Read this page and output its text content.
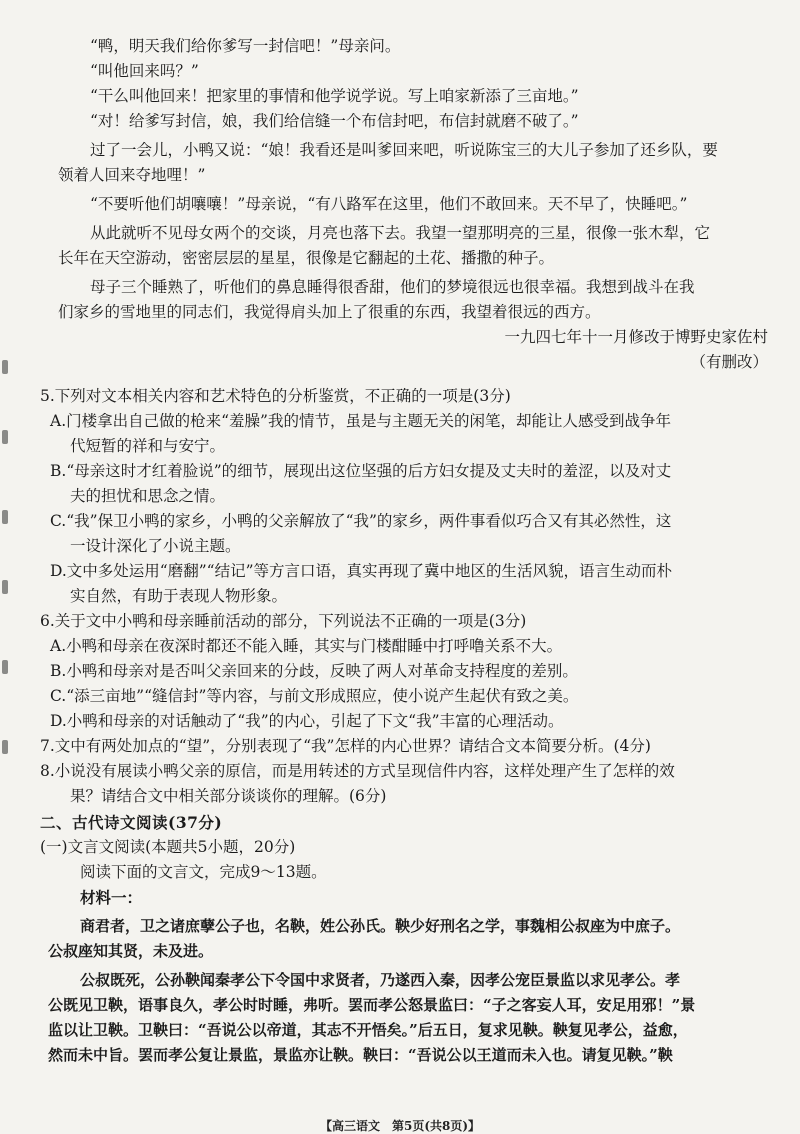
“鸭，明天我们给你爹写一封信吧！”母亲问。

“叫他回来吗？”

“干么叫他回来！把家里的事情和他学说学说。写上咱家新添了三亩地。”

“对！给爹写封信，娘，我们给信缝一个布信封吧，布信封就磨不破了。”

过了一会儿，小鸭又说：“娘！我看还是叫爹回来吧，听说陈宝三的大儿子参加了还乡队，要

领着人回来夺地哩！”

“不要听他们胡嚷嚷！”母亲说，“有八路军在这里，他们不敢回来。天不早了，快睡吧。”

从此就听不见母女两个的交谈，月亮也落下去。我望一望那明亮的三星，很像一张木犁，它

长年在天空游动，密密层层的星星，很像是它翻起的土花、播撒的种子。

母子三个睡熟了，听他们的鼻息睡得很香甜，他们的梦境很远也很幸福。我想到战斗在我

们家乡的雪地里的同志们，我觉得肩头加上了很重的东西，我望着很远的西方。

一九四七年十一月修改于博野史家佐村

（有删改）

5.下列对文本相关内容和艺术特色的分析鉴赏，不正确的一项是(3分)

A.门楼拿出自己做的枪来“羞臊”我的情节，虽是与主题无关的闲笔，却能让人感受到战争年

代短暂的祥和与安宁。

B.“母亲这时才红着脸说”的细节，展现出这位坚强的后方妇女提及丈夫时的羞涩，以及对丈

夫的担忧和思念之情。

C.“我”保卫小鸭的家乡，小鸭的父亲解放了“我”的家乡，两件事看似巧合又有其必然性，这

一设计深化了小说主题。

D.文中多处运用“磨翻”“结记”等方言口语，真实再现了冀中地区的生活风貌，语言生动而朴

实自然，有助于表现人物形象。

6.关于文中小鸭和母亲睡前活动的部分，下列说法不正确的一项是(3分)

A.小鸭和母亲在夜深时都还不能入睡，其实与门楼酣睡中打呼噜关系不大。

B.小鸭和母亲对是否叫父亲回来的分歧，反映了两人对革命支持程度的差别。

C.“添三亩地”“缝信封”等内容，与前文形成照应，使小说产生起伏有致之美。

D.小鸭和母亲的对话触动了“我”的内心，引起了下文“我”丰富的心理活动。

7.文中有两处加点的“望”，分别表现了“我”怎样的内心世界？请结合文本简要分析。(4分)

8.小说没有展读小鸭父亲的原信，而是用转述的方式呈现信件内容，这样处理产生了怎样的效

果？请结合文中相关部分谈谈你的理解。(6分)

二、古代诗文阅读(37分)

(一)文言文阅读(本题共5小题，20分)

阅读下面的文言文，完成9～13题。

材料一：

商君者，卫之诸庶孽公子也，名鞅，姓公孙氏。鞅少好刑名之学，事魏相公叔座为中庶子。

公叔座知其贤，未及进。

公叔既死，公孙鞅闻秦孝公下令国中求贤者，乃遂西入秦，因孝公宠臣景监以求见孝公。孝

公既见卫鞅，语事良久，孝公时时睡，弗听。罢而孝公怒景监曰：“子之客妄人耳，安足用邪！”景

监以让卫鞅。卫鞅曰：“吾说公以帝道，其志不开悟矣。”后五日，复求见鞅。鞅复见孝公，益愈，

然而未中旨。罢而孝公复让景监，景监亦让鞅。鞅曰：“吾说公以王道而未入也。请复见鞅。”鞅

【高三语文　第5页(共8页)】
